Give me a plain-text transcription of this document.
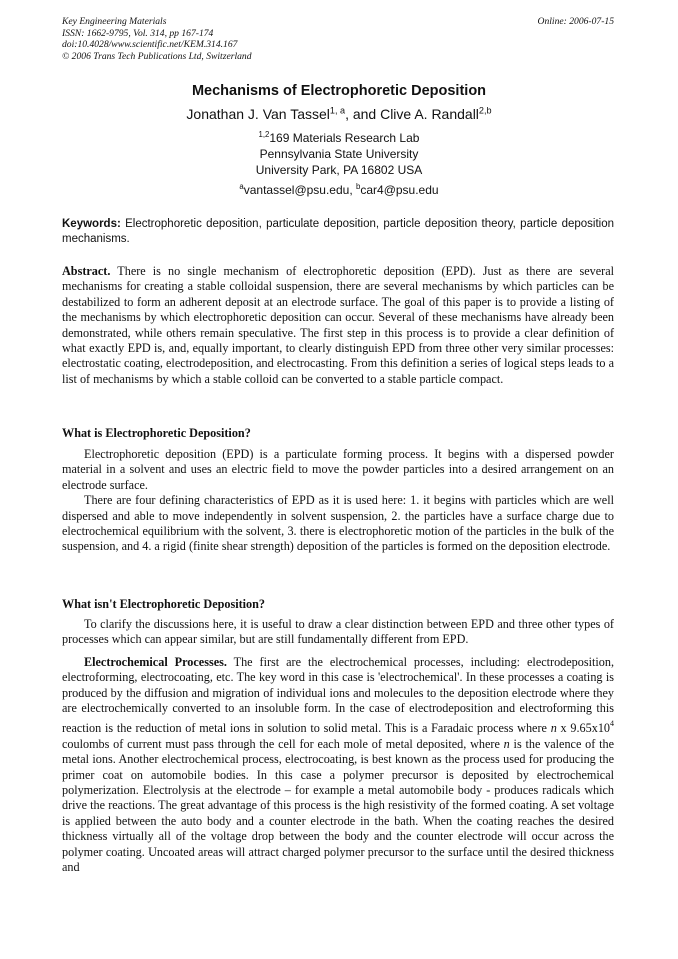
Key Engineering Materials
ISSN: 1662-9795, Vol. 314, pp 167-174
doi:10.4028/www.scientific.net/KEM.314.167
© 2006 Trans Tech Publications Ltd, Switzerland
Online: 2006-07-15
Mechanisms of Electrophoretic Deposition
Jonathan J. Van Tassel$^{1, a}$, and Clive A. Randall$^{2,b}$
$^{1,2}$169 Materials Research Lab
Pennsylvania State University
University Park, PA 16802 USA
$^a$vantassel@psu.edu, $^b$car4@psu.edu
Keywords: Electrophoretic deposition, particulate deposition, particle deposition theory, particle deposition mechanisms.

Abstract. There is no single mechanism of electrophoretic deposition (EPD). Just as there are several mechanisms for creating a stable colloidal suspension, there are several mechanisms by which particles can be destabilized to form an adherent deposit at an electrode surface. The goal of this paper is to provide a listing of the mechanisms by which electrophoretic deposition can occur. Several of these mechanisms have already been demonstrated, while others remain speculative. The first step in this process is to provide a clear definition of what exactly EPD is, and, equally important, to clearly distinguish EPD from three other very similar processes: electrostatic coating, electrodeposition, and electrocasting. From this definition a series of logical steps leads to a list of mechanisms by which a stable colloid can be converted to a stable particle compact.

What is Electrophoretic Deposition?

Electrophoretic deposition (EPD) is a particulate forming process. It begins with a dispersed powder material in a solvent and uses an electric field to move the powder particles into a desired arrangement on an electrode surface.

There are four defining characteristics of EPD as it is used here: 1. it begins with particles which are well dispersed and able to move independently in solvent suspension, 2. the particles have a surface charge due to electrochemical equilibrium with the solvent, 3. there is electrophoretic motion of the particles in the bulk of the suspension, and 4. a rigid (finite shear strength) deposition of the particles is formed on the deposition electrode.

What isn't Electrophoretic Deposition?

To clarify the discussions here, it is useful to draw a clear distinction between EPD and three other types of processes which can appear similar, but are still fundamentally different from EPD.

Electrochemical Processes. The first are the electrochemical processes, including: electrodeposition, electroforming, electrocoating, etc. The key word in this case is 'electrochemical'. In these processes a coating is produced by the diffusion and migration of individual ions and molecules to the deposition electrode where they are electrochemically converted to an insoluble form. In the case of electrodeposition and electroforming this reaction is the reduction of metal ions in solution to solid metal. This is a Faradaic process where n x $9.65x10^4$ coulombs of current must pass through the cell for each mole of metal deposited, where n is the valence of the metal ions. Another electrochemical process, electrocoating, is best known as the process used for producing the primer coat on automobile bodies. In this case a polymer precursor is deposited by electrochemical polymerization. Electrolysis at the electrode – for example a metal automobile body - produces radicals which drive the reactions. The great advantage of this process is the high resistivity of the formed coating. A set voltage is applied between the auto body and a counter electrode in the bath. When the coating reaches the desired thickness virtually all of the voltage drop between the body and the counter electrode will occur across the polymer coating. Uncoated areas will attract charged polymer precursor to the surface until the desired thickness and
